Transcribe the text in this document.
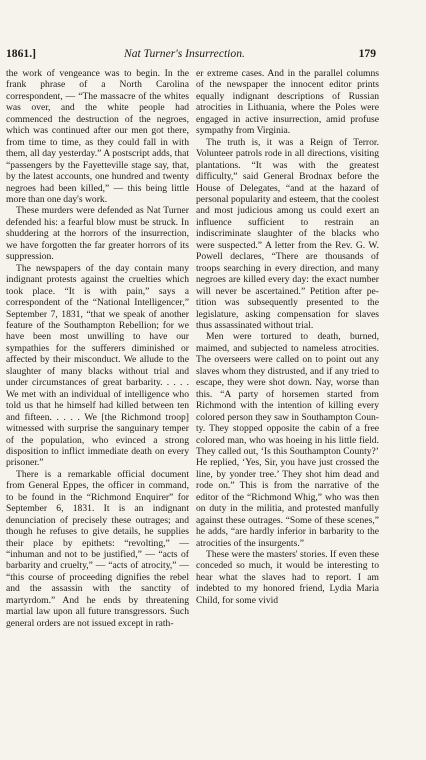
1861.]	Nat Turner's Insurrection.	179

the work of vengeance was to begin. In the frank phrase of a North Carolina correspondent, — “The massacre of the whites was over, and the white people had commenced the destruction of the negroes, which was continued after our men got there, from time to time, as they could fall in with them, all day yesterday.” A postscript adds, that “passengers by the Fayetteville stage say, that, by the latest accounts, one hundred and twenty negroes had been killed,” — this being little more than one day's work.

These murders were defended as Nat Turner defended his: a fearful blow must be struck. In shuddering at the horrors of the insurrection, we have forgotten the far greater horrors of its suppression.

The newspapers of the day contain many indignant protests against the cruelties which took place. “It is with pain,” says a correspondent of the “National Intelligencer,” September 7, 1831, “that we speak of another feature of the Southampton Rebellion; for we have been most unwilling to have our sympathies for the sufferers diminished or affected by their misconduct. We allude to the slaughter of many blacks without trial and under circumstances of great barbarity. . . . . We met with an individual of intelligence who told us that he himself had killed between ten and fifteen. . . . . We [the Richmond troop] witnessed with surprise the sanguinary temper of the population, who evinced a strong disposition to inflict immediate death on every prisoner.”

There is a remarkable official document from General Eppes, the officer in command, to be found in the “Richmond Enquirer” for September 6, 1831. It is an indignant denunciation of precisely these outrages; and though he refuses to give details, he supplies their place by epithets: “revolting,” — “inhuman and not to be justified,” — “acts of barbarity and cruelty,” — “acts of atrocity,” — “this course of proceeding dignifies the rebel and the assassin with the sanctity of martyrdom.” And he ends by threatening martial law upon all future transgressors. Such general orders are not issued except in rath-

er extreme cases. And in the parallel columns of the newspaper the innocent editor prints equally indignant descriptions of Russian atrocities in Lithuania, where the Poles were engaged in active insurrection, amid profuse sympathy from Virginia.

The truth is, it was a Reign of Terror. Volunteer patrols rode in all directions, visiting plantations. “It was with the greatest difficulty,” said General Brodnax before the House of Delegates, “and at the hazard of personal popularity and esteem, that the coolest and most judicious among us could exert an influence sufficient to restrain an indiscriminate slaughter of the blacks who were suspected.” A letter from the Rev. G. W. Powell declares, “There are thousands of troops searching in every direction, and many negroes are killed every day: the exact number will never be ascertained.” Petition after petition was subsequently presented to the legislature, asking compensation for slaves thus assassinated without trial.

Men were tortured to death, burned, maimed, and subjected to nameless atrocities. The overseers were called on to point out any slaves whom they distrusted, and if any tried to escape, they were shot down. Nay, worse than this. “A party of horsemen started from Richmond with the intention of killing every colored person they saw in Southampton County. They stopped opposite the cabin of a free colored man, who was hoeing in his little field. They called out, ‘Is this Southampton County?’ He replied, ‘Yes, Sir, you have just crossed the line, by yonder tree.’ They shot him dead and rode on.” This is from the narrative of the editor of the “Richmond Whig,” who was then on duty in the militia, and protested manfully against these outrages. “Some of these scenes,” he adds, “are hardly inferior in barbarity to the atrocities of the insurgents.”

These were the masters' stories. If even these conceded so much, it would be interesting to hear what the slaves had to report. I am indebted to my honored friend, Lydia Maria Child, for some vivid
